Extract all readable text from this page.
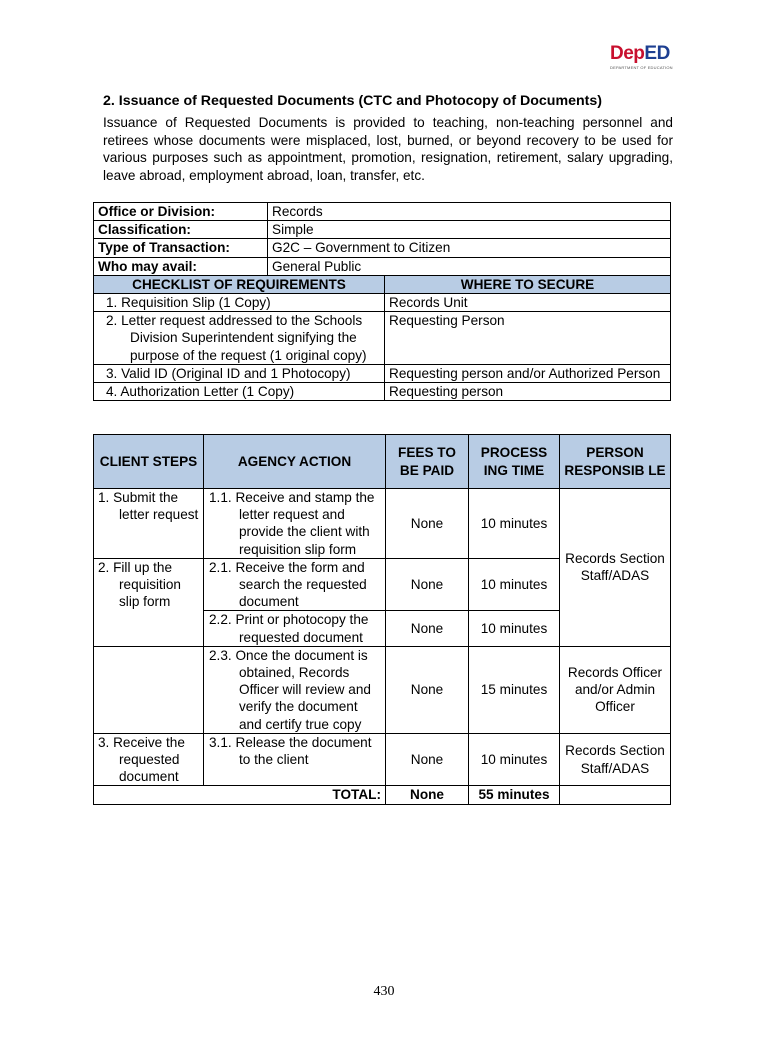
DepED
DEPARTMENT OF EDUCATION
2. Issuance of Requested Documents (CTC and Photocopy of Documents)
Issuance of Requested Documents is provided to teaching, non-teaching personnel and retirees whose documents were misplaced, lost, burned, or beyond recovery to be used for various purposes such as appointment, promotion, resignation, retirement, salary upgrading, leave abroad, employment abroad, loan, transfer, etc.
Office or Division:	Records	
Classification:	Simple	
Type of Transaction:	G2C – Government to Citizen	
Who may avail:	General Public	
CHECKLIST OF REQUIREMENTS		WHERE TO SECURE
1. Requisition Slip (1 Copy)		Records Unit
2. Letter request addressed to the Schools Division Superintendent signifying the purpose of the request (1 original copy)		Requesting Person
3. Valid ID (Original ID and 1 Photocopy)		Requesting person and/or Authorized Person
4. Authorization Letter (1 Copy)		Requesting person
CLIENT STEPS	AGENCY ACTION	FEES TO BE PAID	PROCESS ING TIME	PERSON RESPONSIB LE
1. Submit the letter request	1.1. Receive and stamp the letter request and provide the client with requisition slip form	None	10 minutes	Records Section Staff/ADAS
2. Fill up the requisition slip form	2.1. Receive the form and search the requested document	None	10 minutes	
	2.2. Print or photocopy the requested document	None	10 minutes	
	2.3. Once the document is obtained, Records Officer will review and verify the document and certify true copy	None	15 minutes	Records Officer and/or Admin Officer
3. Receive the requested document	3.1. Release the document to the client	None	10 minutes	Records Section Staff/ADAS
TOTAL:		None	55 minutes	
430
